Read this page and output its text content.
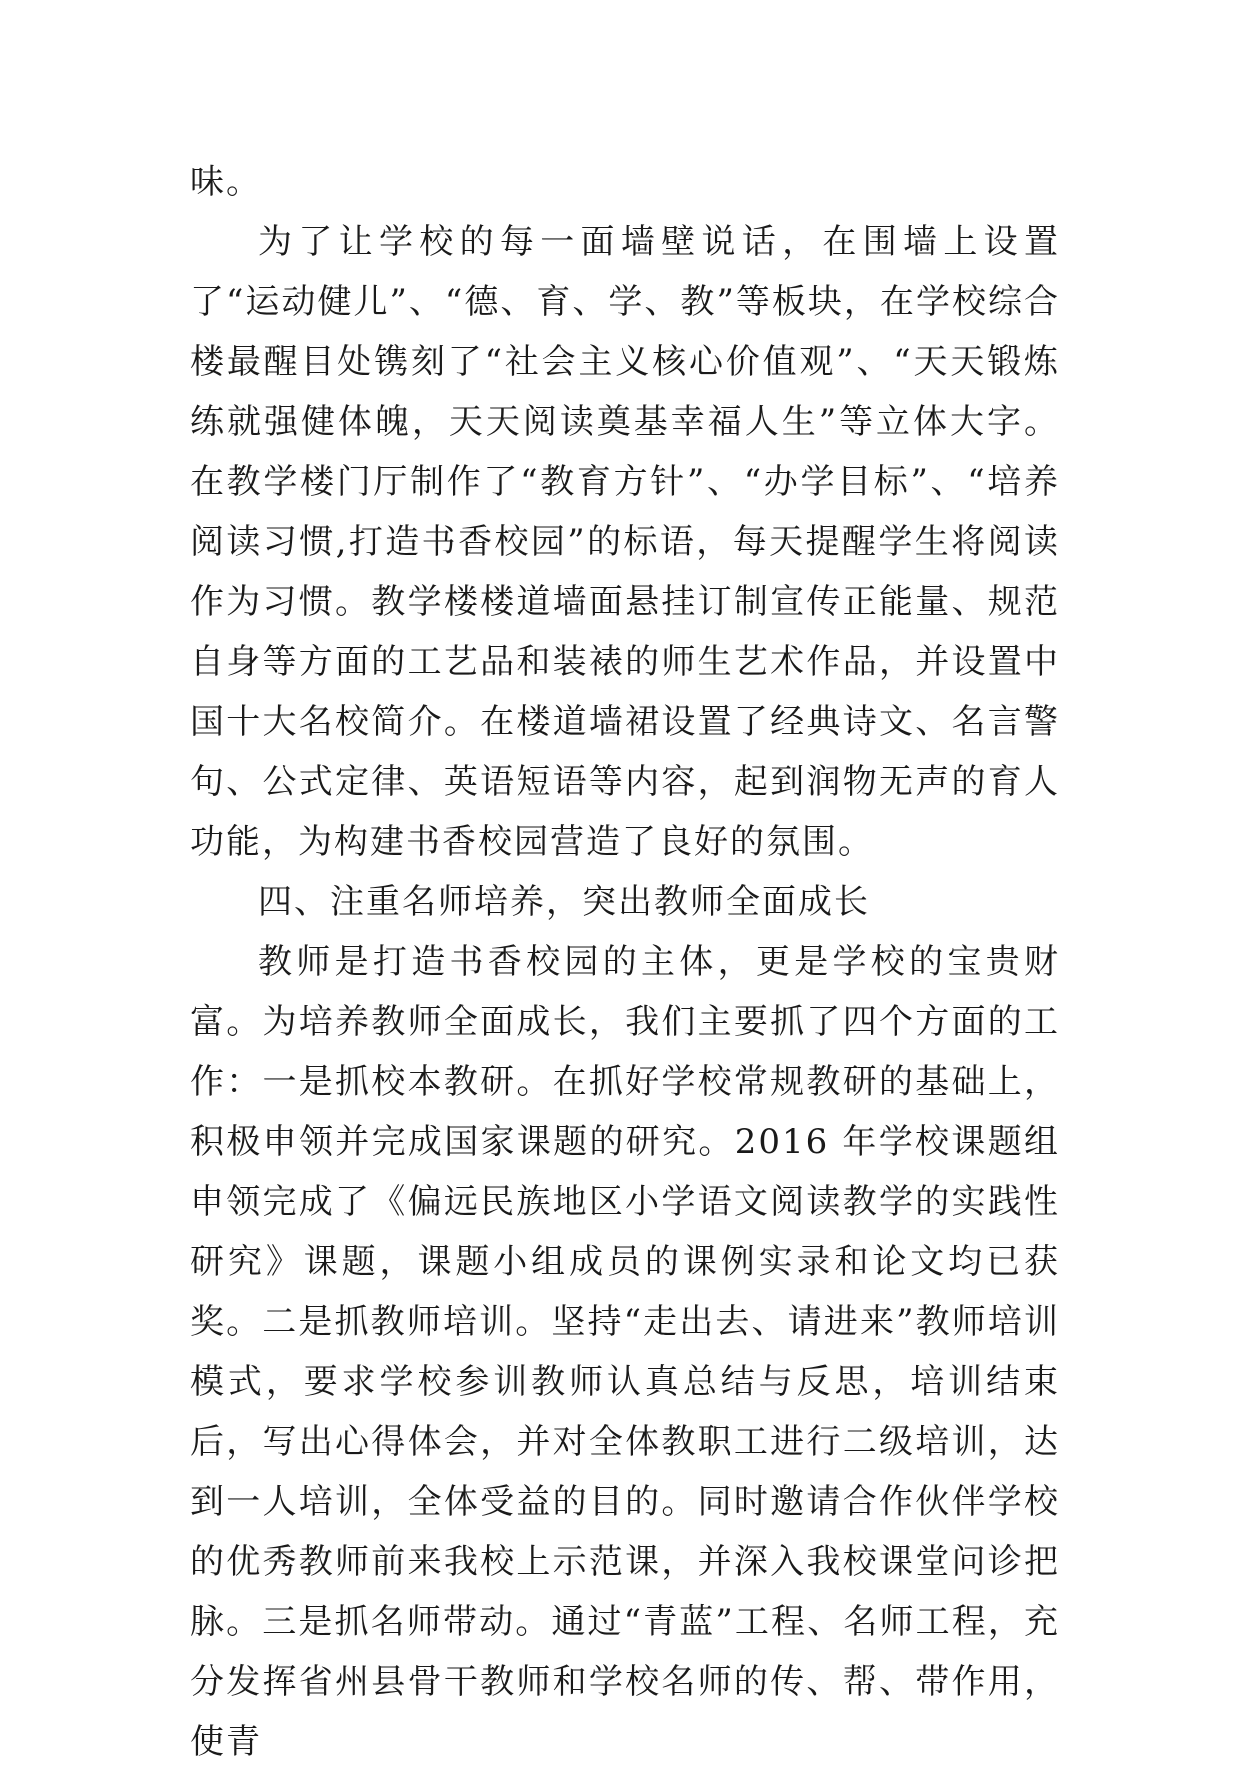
味。

为了让学校的每一面墙壁说话，在围墙上设置了“运动健儿”、“德、育、学、教”等板块，在学校综合楼最醒目处镌刻了“社会主义核心价值观”、“天天锻炼练就强健体魄，天天阅读奠基幸福人生”等立体大字。在教学楼门厅制作了“教育方针”、“办学目标”、“培养阅读习惯,打造书香校园”的标语，每天提醒学生将阅读作为习惯。教学楼楼道墙面悬挂订制宣传正能量、规范自身等方面的工艺品和装裱的师生艺术作品，并设置中国十大名校简介。在楼道墙裙设置了经典诗文、名言警句、公式定律、英语短语等内容，起到润物无声的育人功能，为构建书香校园营造了良好的氛围。

四、注重名师培养，突出教师全面成长

教师是打造书香校园的主体，更是学校的宝贵财富。为培养教师全面成长，我们主要抓了四个方面的工作：一是抓校本教研。在抓好学校常规教研的基础上，积极申领并完成国家课题的研究。2016 年学校课题组申领完成了《偏远民族地区小学语文阅读教学的实践性研究》课题，课题小组成员的课例实录和论文均已获奖。二是抓教师培训。坚持“走出去、请进来”教师培训模式，要求学校参训教师认真总结与反思，培训结束后，写出心得体会，并对全体教职工进行二级培训，达到一人培训，全体受益的目的。同时邀请合作伙伴学校的优秀教师前来我校上示范课，并深入我校课堂问诊把脉。三是抓名师带动。通过“青蓝”工程、名师工程，充分发挥省州县骨干教师和学校名师的传、帮、带作用，使青
